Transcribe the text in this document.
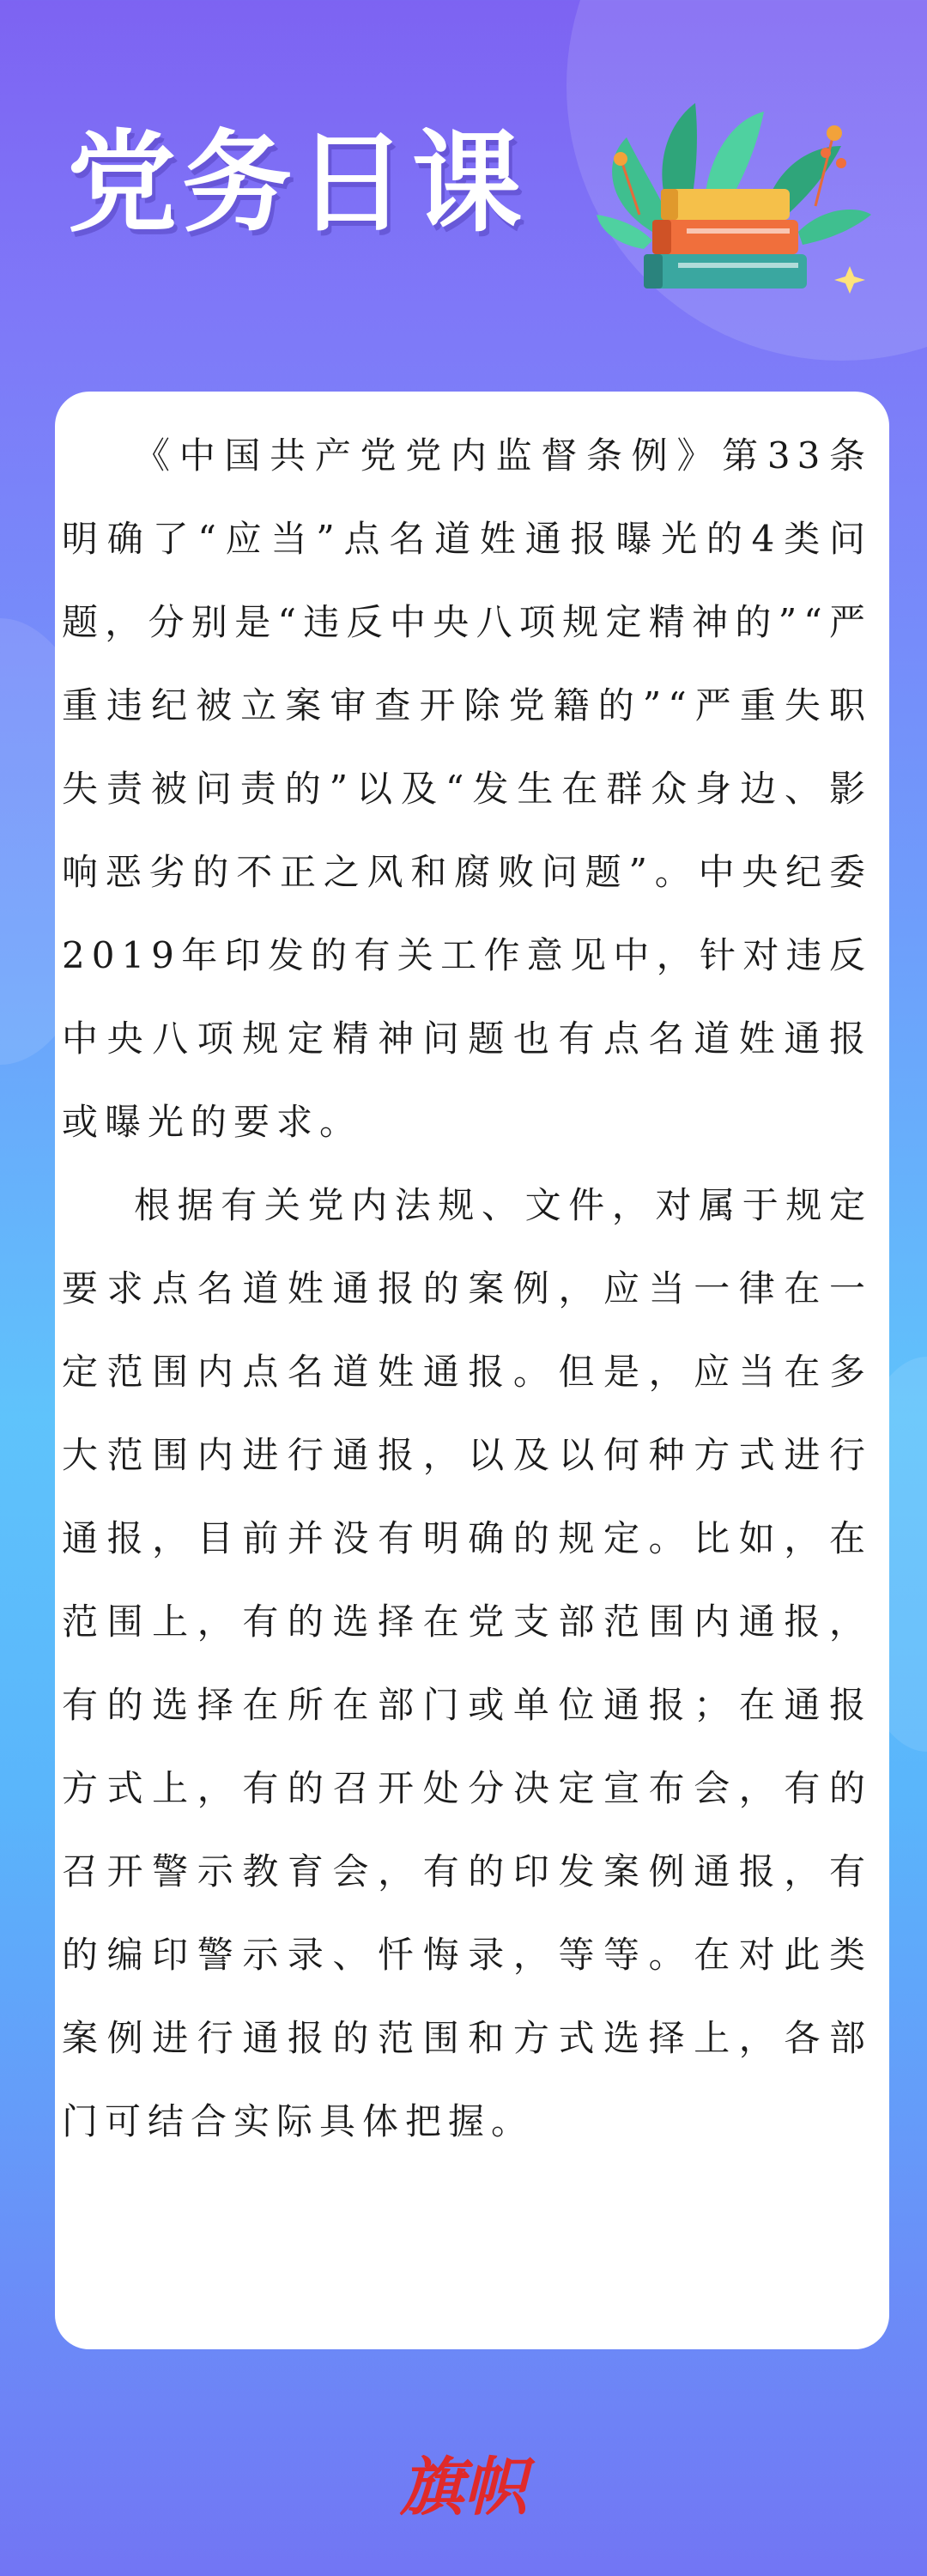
党务日课

《中国共产党党内监督条例》第33条明确了“应当”点名道姓通报曝光的4类问题，分别是“违反中央八项规定精神的”“严重违纪被立案审查开除党籍的”“严重失职失责被问责的”以及“发生在群众身边、影响恶劣的不正之风和腐败问题”。中央纪委2019年印发的有关工作意见中，针对违反中央八项规定精神问题也有点名道姓通报或曝光的要求。

根据有关党内法规、文件，对属于规定要求点名道姓通报的案例，应当一律在一定范围内点名道姓通报。但是，应当在多大范围内进行通报，以及以何种方式进行通报，目前并没有明确的规定。比如，在范围上，有的选择在党支部范围内通报，有的选择在所在部门或单位通报；在通报方式上，有的召开处分决定宣布会，有的召开警示教育会，有的印发案例通报，有的编印警示录、忏悔录，等等。在对此类案例进行通报的范围和方式选择上，各部门可结合实际具体把握。

旗帜
